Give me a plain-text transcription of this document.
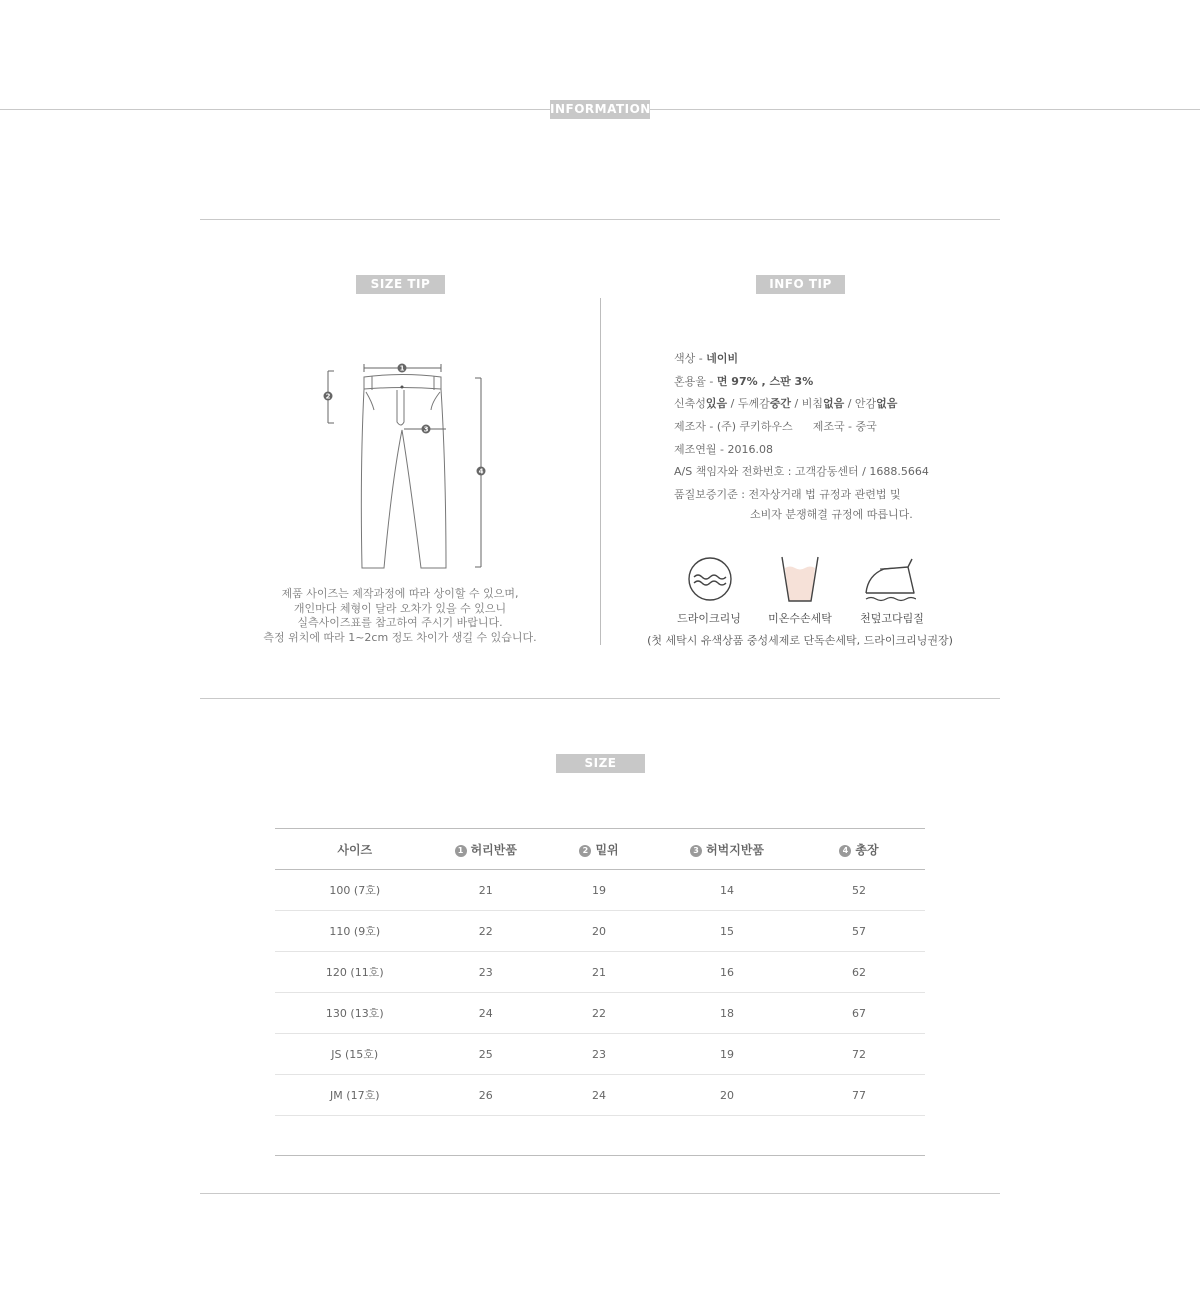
INFORMATION
SIZE TIP
1
2
3
4
제품 사이즈는 제작과정에 따라 상이할 수 있으며,
개인마다 체형이 달라 오차가 있을 수 있으니
실측사이즈표를 참고하여 주시기 바랍니다.
측정 위치에 따라 1~2cm 정도 차이가 생길 수 있습니다.
INFO TIP
색상 - 네이비
혼용율 - 면 97% , 스판 3%
신축성있음 / 두께감중간 / 비침없음 / 안감없음
제조자 - (주) 쿠키하우스 제조국 - 중국
제조연월 - 2016.08
A/S 책임자와 전화번호 : 고객감동센터 / 1688.5664
품질보증기준 : 전자상거래 법 규정과 관련법 및
소비자 분쟁해결 규정에 따릅니다.
드라이크리닝	미온수손세탁	천덮고다림질
(첫 세탁시 유색상품 중성세제로 단독손세탁, 드라이크리닝권장)
SIZE
사이즈	1 허리반품	2 밑위	3 허벅지반품	4 총장
100 (7호)	21	19	14	52
110 (9호)	22	20	15	57
120 (11호)	23	21	16	62
130 (13호)	24	22	18	67
JS (15호)	25	23	19	72
JM (17호)	26	24	20	77
